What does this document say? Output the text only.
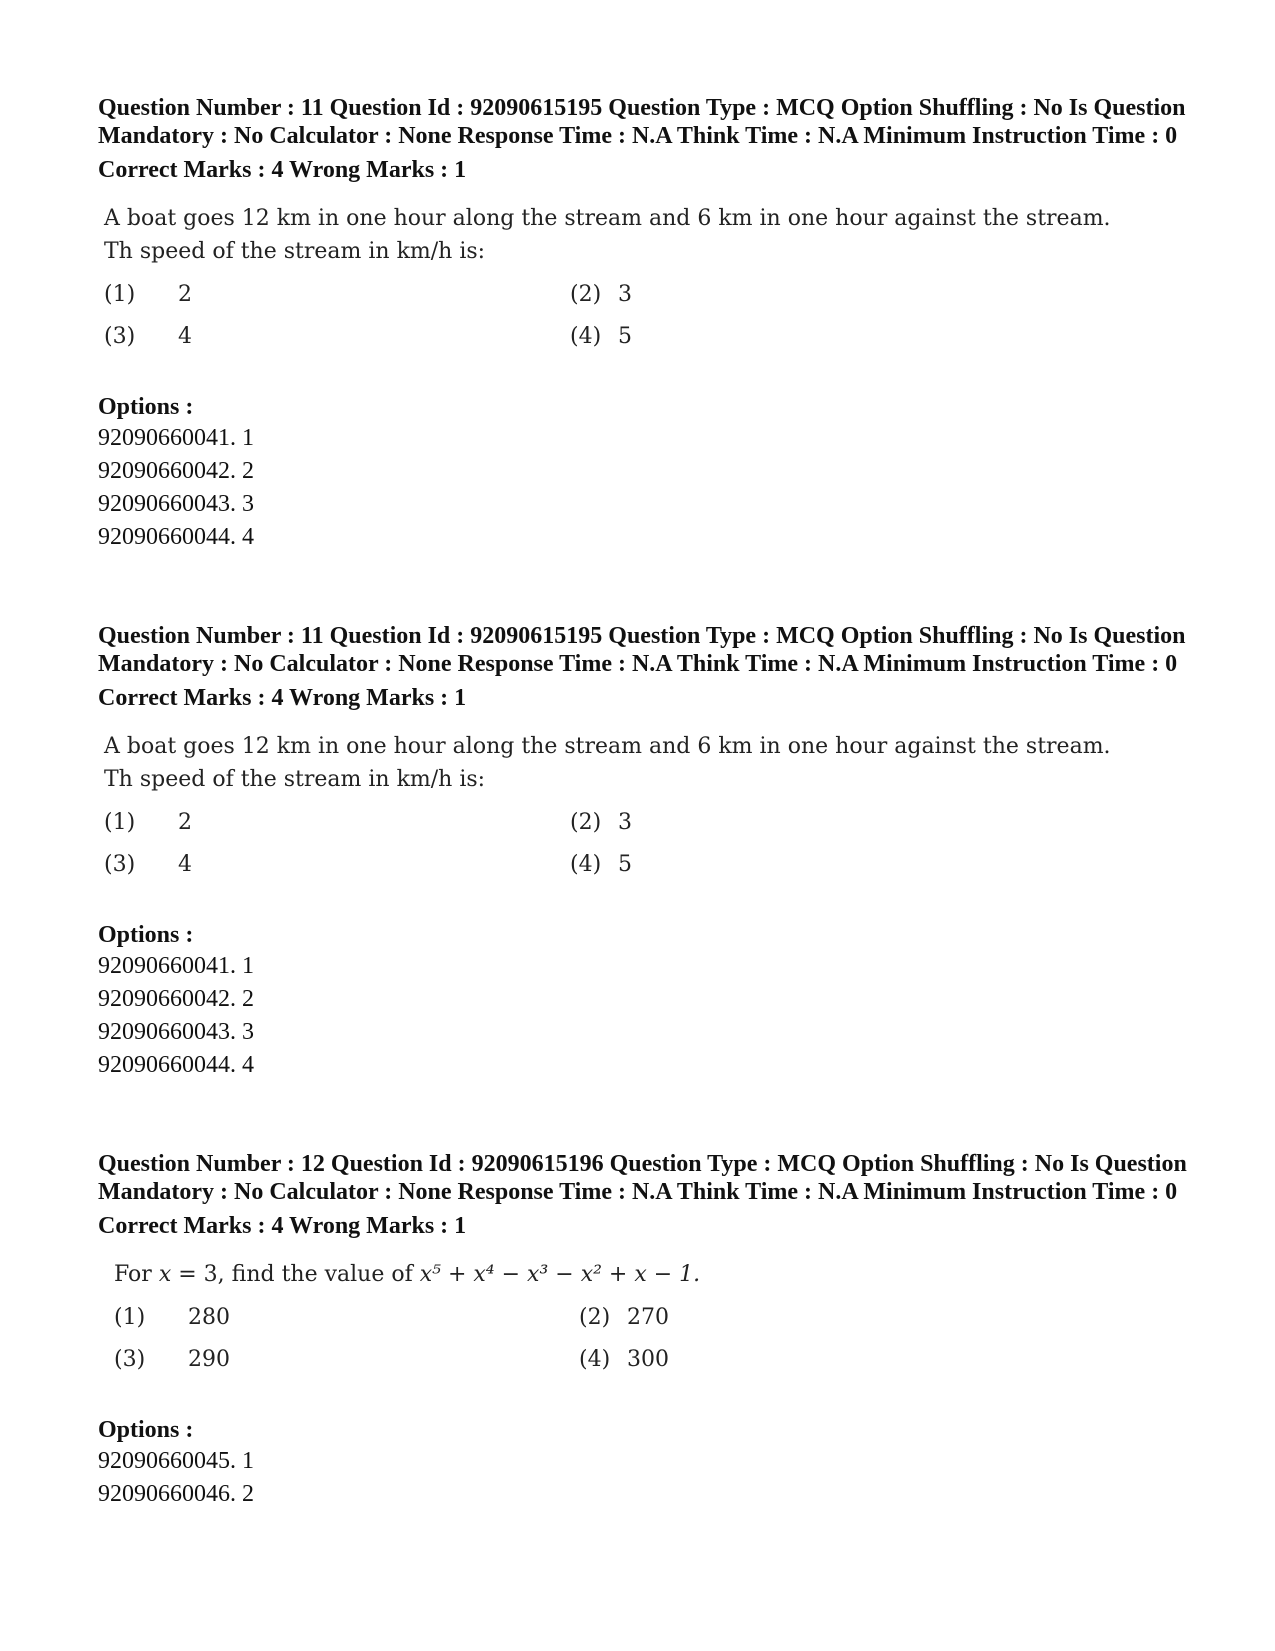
Question Number : 11 Question Id : 92090615195 Question Type : MCQ Option Shuffling : No Is Question Mandatory : No Calculator : None Response Time : N.A Think Time : N.A Minimum Instruction Time : 0

Correct Marks : 4 Wrong Marks : 1
A boat goes 12 km in one hour along the stream and 6 km in one hour against the stream. Th speed of the stream in km/h is:
(1)	2	(2) 3
(3)	4	(4) 5
Options :
92090660041. 1
92090660042. 2
92090660043. 3
92090660044. 4

Question Number : 11 Question Id : 92090615195 Question Type : MCQ Option Shuffling : No Is Question Mandatory : No Calculator : None Response Time : N.A Think Time : N.A Minimum Instruction Time : 0

Correct Marks : 4 Wrong Marks : 1
A boat goes 12 km in one hour along the stream and 6 km in one hour against the stream. Th speed of the stream in km/h is:
(1)	2	(2) 3
(3)	4	(4) 5
Options :
92090660041. 1
92090660042. 2
92090660043. 3
92090660044. 4

Question Number : 12 Question Id : 92090615196 Question Type : MCQ Option Shuffling : No Is Question Mandatory : No Calculator : None Response Time : N.A Think Time : N.A Minimum Instruction Time : 0

Correct Marks : 4 Wrong Marks : 1
For x = 3, find the value of x⁵ + x⁴ − x³ − x² + x − 1.
(1)	280	(2) 270
(3)	290	(4) 300
Options :
92090660045. 1
92090660046. 2
